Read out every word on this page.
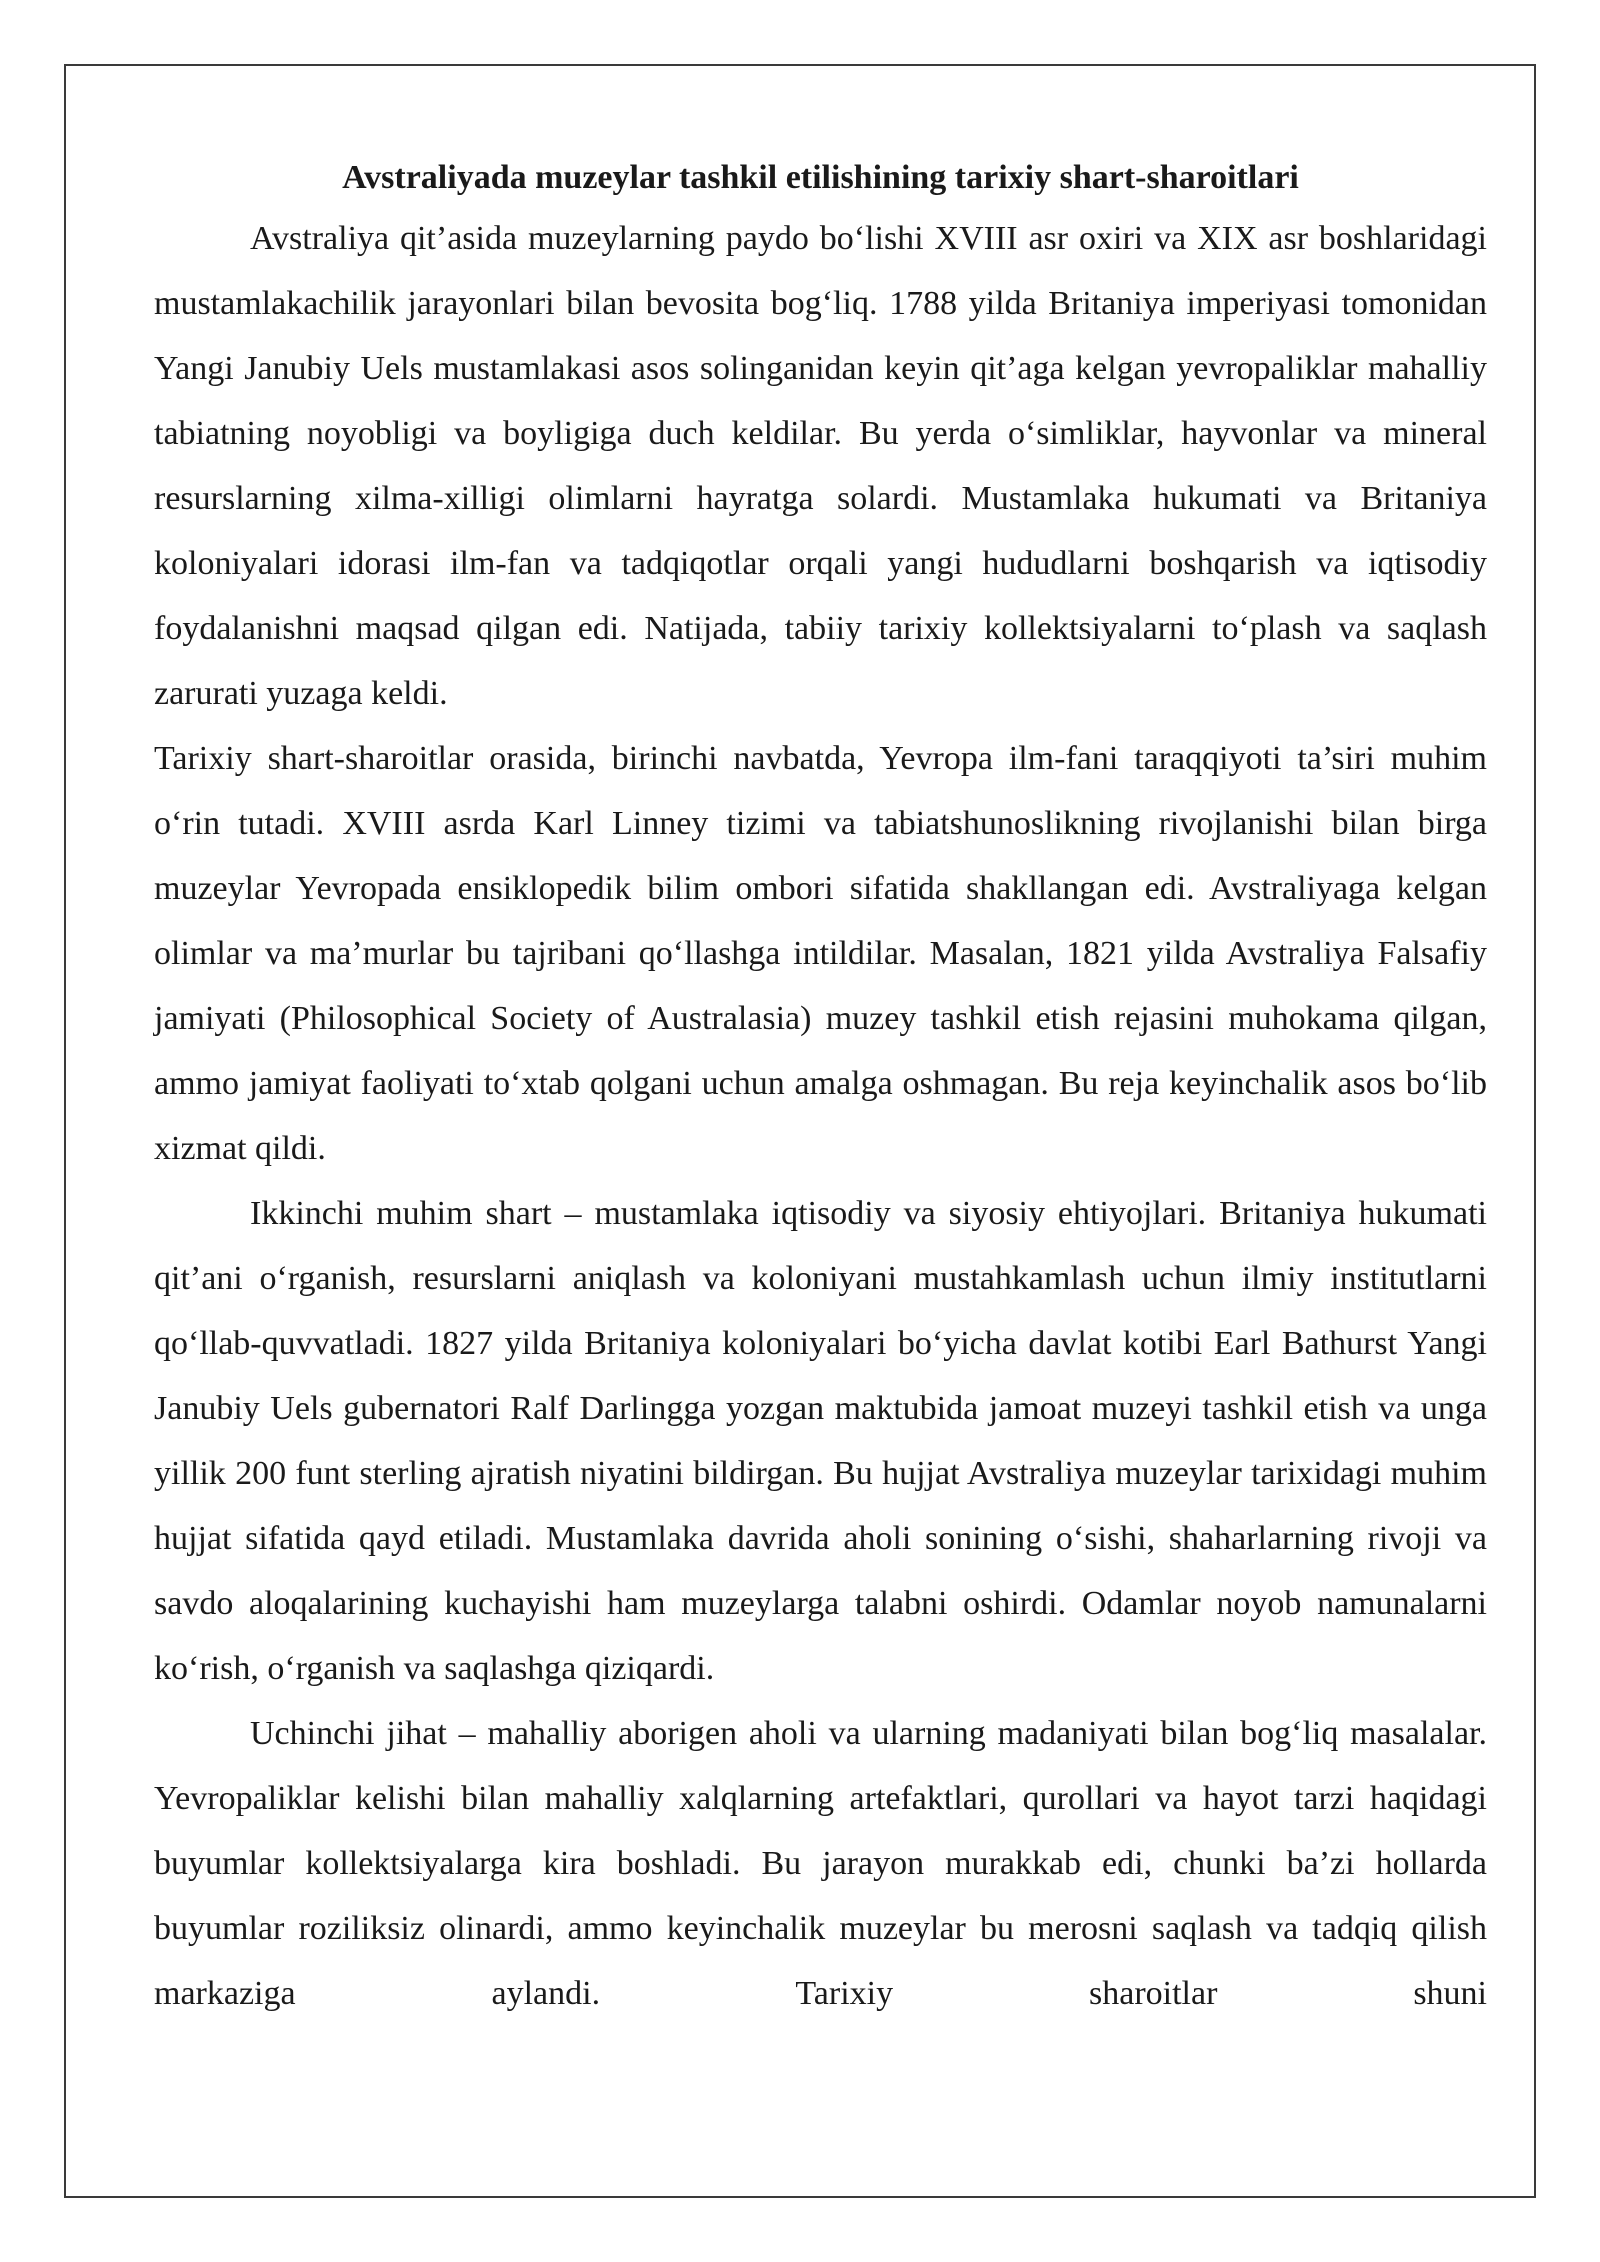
Avstraliyada muzeylar tashkil etilishining tarixiy shart-sharoitlari

Avstraliya qit’asida muzeylarning paydo bo‘lishi XVIII asr oxiri va XIX asr boshlaridagi mustamlakachilik jarayonlari bilan bevosita bog‘liq. 1788 yilda Britaniya imperiyasi tomonidan Yangi Janubiy Uels mustamlakasi asos solinganidan keyin qit’aga kelgan yevropaliklar mahalliy tabiatning noyobligi va boyligiga duch keldilar. Bu yerda o‘simliklar, hayvonlar va mineral resurslarning xilma-xilligi olimlarni hayratga solardi. Mustamlaka hukumati va Britaniya koloniyalari idorasi ilm-fan va tadqiqotlar orqali yangi hududlarni boshqarish va iqtisodiy foydalanishni maqsad qilgan edi. Natijada, tabiiy tarixiy kollektsiyalarni to‘plash va saqlash zarurati yuzaga keldi.

Tarixiy shart-sharoitlar orasida, birinchi navbatda, Yevropa ilm-fani taraqqiyoti ta’siri muhim o‘rin tutadi. XVIII asrda Karl Linney tizimi va tabiatshunoslikning rivojlanishi bilan birga muzeylar Yevropada ensiklopedik bilim ombori sifatida shakllangan edi. Avstraliyaga kelgan olimlar va ma’murlar bu tajribani qo‘llashga intildilar. Masalan, 1821 yilda Avstraliya Falsafiy jamiyati (Philosophical Society of Australasia) muzey tashkil etish rejasini muhokama qilgan, ammo jamiyat faoliyati to‘xtab qolgani uchun amalga oshmagan. Bu reja keyinchalik asos bo‘lib xizmat qildi.

Ikkinchi muhim shart – mustamlaka iqtisodiy va siyosiy ehtiyojlari. Britaniya hukumati qit’ani o‘rganish, resurslarni aniqlash va koloniyani mustahkamlash uchun ilmiy institutlarni qo‘llab-quvvatladi. 1827 yilda Britaniya koloniyalari bo‘yicha davlat kotibi Earl Bathurst Yangi Janubiy Uels gubernatori Ralf Darlingga yozgan maktubida jamoat muzeyi tashkil etish va unga yillik 200 funt sterling ajratish niyatini bildirgan. Bu hujjat Avstraliya muzeylar tarixidagi muhim hujjat sifatida qayd etiladi. Mustamlaka davrida aholi sonining o‘sishi, shaharlarning rivoji va savdo aloqalarining kuchayishi ham muzeylarga talabni oshirdi. Odamlar noyob namunalarni ko‘rish, o‘rganish va saqlashga qiziqardi.

Uchinchi jihat – mahalliy aborigen aholi va ularning madaniyati bilan bog‘liq masalalar. Yevropaliklar kelishi bilan mahalliy xalqlarning artefaktlari, qurollari va hayot tarzi haqidagi buyumlar kollektsiyalarga kira boshladi. Bu jarayon murakkab edi, chunki ba’zi hollarda buyumlar roziliksiz olinardi, ammo keyinchalik muzeylar bu merosni saqlash va tadqiq qilish markaziga aylandi. Tarixiy sharoitlar shuni
